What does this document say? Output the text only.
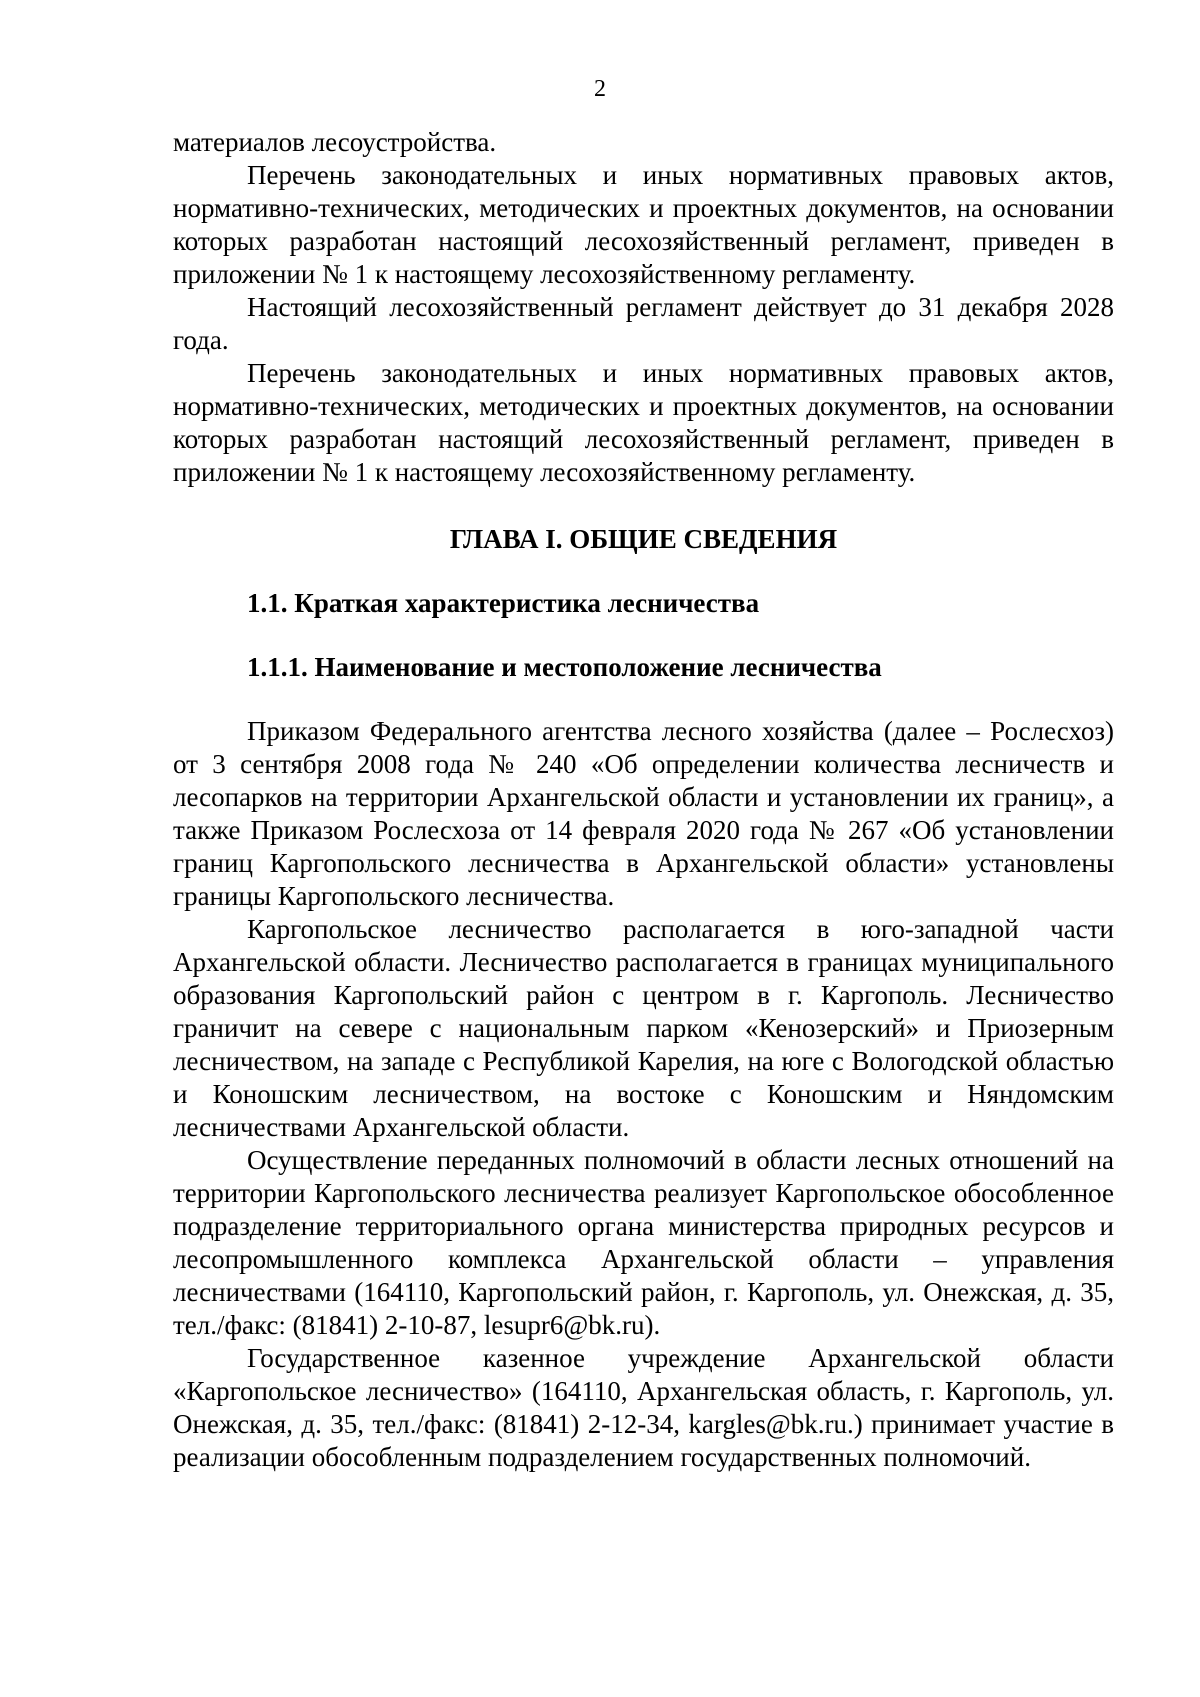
2

материалов лесоустройства.

Перечень законодательных и иных нормативных правовых актов, нормативно-технических, методических и проектных документов, на основании которых разработан настоящий лесохозяйственный регламент, приведен в приложении № 1 к настоящему лесохозяйственному регламенту.

Настоящий лесохозяйственный регламент действует до 31 декабря 2028 года.

Перечень законодательных и иных нормативных правовых актов, нормативно-технических, методических и проектных документов, на основании которых разработан настоящий лесохозяйственный регламент, приведен в приложении № 1 к настоящему лесохозяйственному регламенту.

ГЛАВА I. ОБЩИЕ СВЕДЕНИЯ
1.1. Краткая характеристика лесничества
1.1.1. Наименование и местоположение лесничества

Приказом Федерального агентства лесного хозяйства (далее – Рослесхоз) от 3 сентября 2008 года № 240 «Об определении количества лесничеств и лесопарков на территории Архангельской области и установлении их границ», а также Приказом Рослесхоза от 14 февраля 2020 года № 267 «Об установлении границ Каргопольского лесничества в Архангельской области» установлены границы Каргопольского лесничества.

Каргопольское лесничество располагается в юго-западной части Архангельской области. Лесничество располагается в границах муниципального образования Каргопольский район с центром в г. Каргополь. Лесничество граничит на севере с национальным парком «Кенозерский» и Приозерным лесничеством, на западе с Республикой Карелия, на юге с Вологодской областью и Коношским лесничеством, на востоке с Коношским и Няндомским лесничествами Архангельской области.

Осуществление переданных полномочий в области лесных отношений на территории Каргопольского лесничества реализует Каргопольское обособленное подразделение территориального органа министерства природных ресурсов и лесопромышленного комплекса Архангельской области – управления лесничествами (164110, Каргопольский район, г. Каргополь, ул. Онежская, д. 35, тел./факс: (81841) 2-10-87, lesupr6@bk.ru).

Государственное казенное учреждение Архангельской области «Каргопольское лесничество» (164110, Архангельская область, г. Каргополь, ул. Онежская, д. 35, тел./факс: (81841) 2-12-34, kargles@bk.ru.) принимает участие в реализации обособленным подразделением государственных полномочий.
